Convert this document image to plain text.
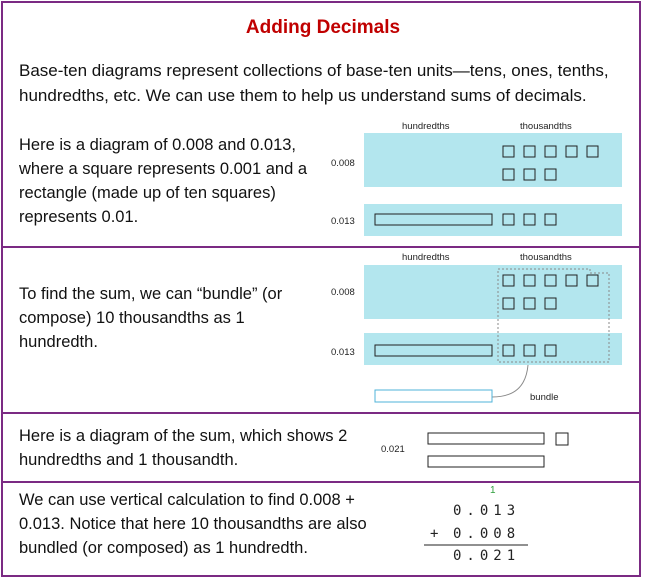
Adding Decimals
Base-ten diagrams represent collections of base-ten units—tens, ones, tenths, hundredths, etc. We can use them to help us understand sums of decimals.
Here is a diagram of 0.008 and 0.013, where a square represents 0.001 and a rectangle (made up of ten squares) represents 0.01.
hundredths	thousandths
0.008
0.013
To find the sum, we can “bundle” (or compose) 10 thousandths as 1 hundredth.
hundredths	thousandths
0.008
0.013
bundle
Here is a diagram of the sum, which shows 2 hundredths and 1 thousandth.
0.021
We can use vertical calculation to find 0.008 + 0.013. Notice that here 10 thousandths are also bundled (or composed) as 1 hundredth.
1
0.013
+ 0.008
0.021
